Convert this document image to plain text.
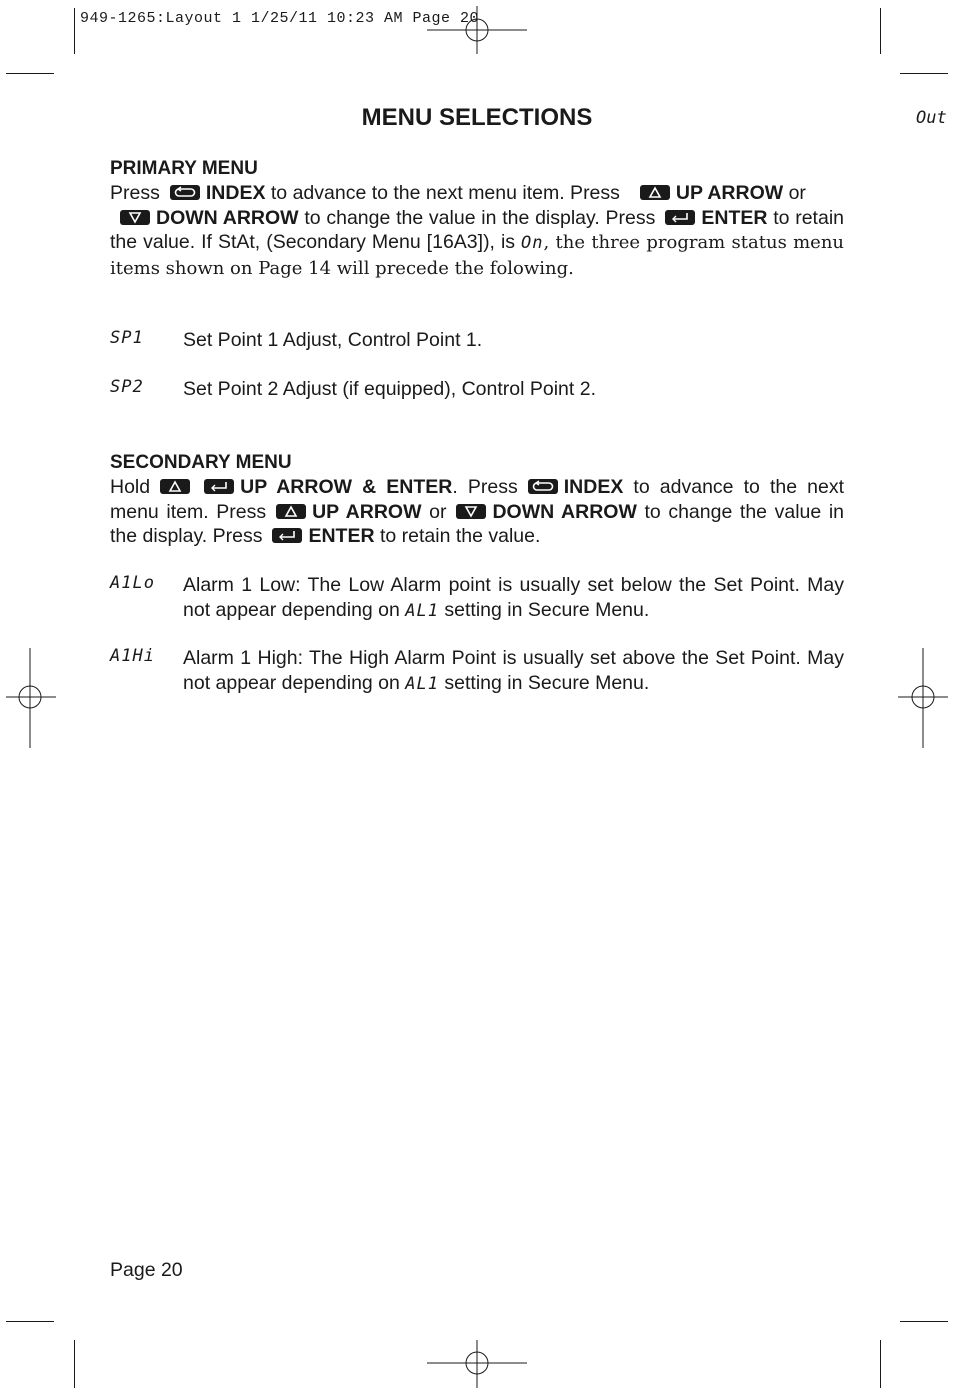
949-1265:Layout 1 1/25/11 10:23 AM Page 20
MENU SELECTIONS	Out
PRIMARY MENU
Press INDEX to advance to the next menu item. Press	UP ARROW or

DOWN ARROW to change the value in the display. Press ENTER to retain the value. If StAt, (Secondary Menu [16A3]), is On, the three program status menu items shown on Page 14 will precede the folowing.
SP1 Set Point 1 Adjust, Control Point 1.
SP2 Set Point 2 Adjust (if equipped), Control Point 2.
SECONDARY MENU
Hold	UP ARROW & ENTER. Press INDEX to advance to the next menu item. Press UP ARROW or DOWN ARROW to change the value in the display. Press ENTER to retain the value.
A1Lo Alarm 1 Low: The Low Alarm point is usually set below the Set Point. May not appear depending on AL1 setting in Secure Menu.
A1Hi Alarm 1 High: The High Alarm Point is usually set above the Set Point. May not appear depending on AL1 setting in Secure Menu.
Page 20
